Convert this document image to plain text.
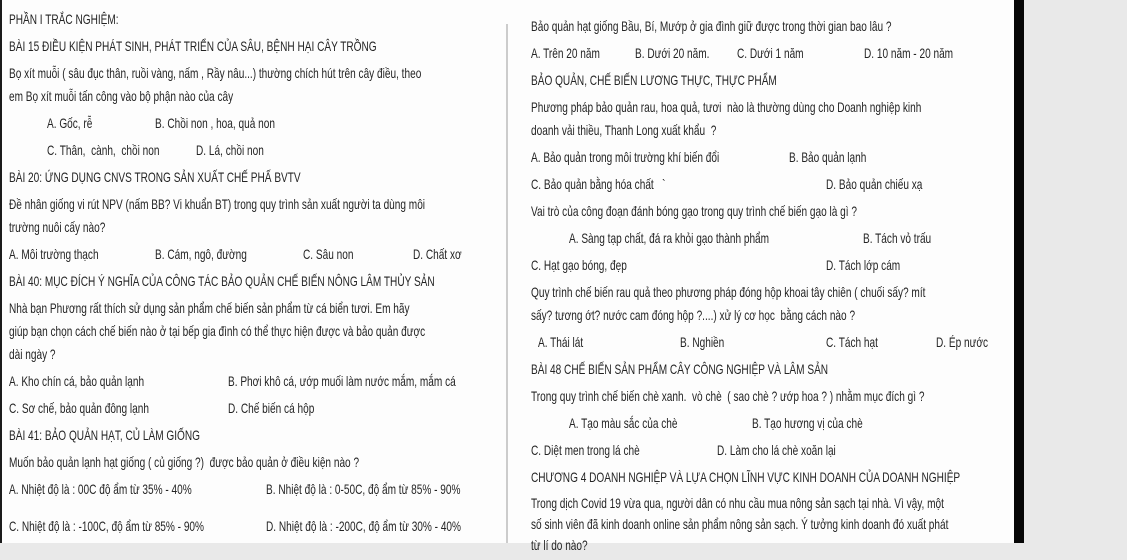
PHẦN I TRẮC NGHIỆM:
BÀI 15 ĐIỀU KIỆN PHÁT SINH, PHÁT TRIỂN CỦA SÂU, BỆNH HẠI CÂY TRỒNG
Bọ xít muỗi ( sâu đục thân, ruồi vàng, nấm , Rầy nâu...) thường chích hút trên cây điều, theo
em Bọ xít muỗi tấn công vào bộ phận nào của cây
A. Gốc, rễ	B. Chồi non , hoa, quả non
C. Thân,  cành,  chồi non	D. Lá, chồi non
BÀI 20: ỨNG DỤNG CNVS TRONG SẢN XUẤT CHẾ PHẤ BVTV
Đề nhân giống vi rút NPV (nấm BB? Vi khuẩn BT) trong quy trình sản xuất người ta dùng môi
trường nuôi cấy nào?
A. Môi trường thạch	B. Cám, ngô, đường	C. Sâu non	D. Chất xơ
BÀI 40: MỤC ĐÍCH Ý NGHĨA CỦA CÔNG TÁC BẢO QUẢN CHẾ BIẾN NÔNG LÂM THỦY SẢN
Nhà bạn Phương rất thích sử dụng sản phẩm chế biến sản phẩm từ cá biển tươi. Em hãy
giúp bạn chọn cách chế biến nào ở tại bếp gia đình có thể thực hiện được và bảo quản được
dài ngày ?
A. Kho chín cá, bảo quản lạnh	B. Phơi khô cá, ướp muối làm nước mắm, mắm cá
C. Sơ chế, bảo quản đông lạnh	D. Chế biến cá hộp
BÀI 41: BẢO QUẢN HẠT, CỦ LÀM GIỐNG
Muốn bảo quản lạnh hạt giống ( củ giống ?)  được bảo quản ở điều kiện nào ?
A. Nhiệt độ là : 00C độ ẩm từ 35% - 40%	B. Nhiệt độ là : 0-50C, độ ẩm từ 85% - 90%
C. Nhiệt độ là : -100C, độ ẩm từ 85% - 90%	D. Nhiệt độ là : -200C, độ ẩm từ 30% - 40%
Bảo quản hạt giống Bầu, Bí, Mướp ở gia đình giữ được trong thời gian bao lâu ?
A. Trên 20 năm	B. Dưới 20 năm.	C. Dưới 1 năm	D. 10 năm - 20 năm
BẢO QUẢN, CHẾ BIẾN LƯƠNG THỰC, THỰC PHẨM
Phương pháp bảo quản rau, hoa quả, tươi  nào là thường dùng cho Doanh nghiệp kinh
doanh vải thiều, Thanh Long xuất khẩu  ?
A. Bảo quản trong môi trường khí biến đổi	B. Bảo quản lạnh
C. Bảo quản bằng hóa chất   `	D. Bảo quản chiếu xạ
Vai trò của công đoạn đánh bóng gạo trong quy trình chế biến gạo là gì ?
A. Sàng tạp chất, đá ra khỏi gạo thành phẩm	B. Tách vỏ trấu
C. Hạt gạo bóng, đẹp	D. Tách lớp cám
Quy trình chế biến rau quả theo phương pháp đóng hộp khoai tây chiên ( chuối sấy? mít
sấy? tương ớt? nước cam đóng hộp ?....) xử lý cơ học  bằng cách nào ?
A. Thái lát	B. Nghiền	C. Tách hạt	D. Ép nước
BÀI 48 CHẾ BIẾN SẢN PHẨM CÂY CÔNG NGHIỆP VÀ LÂM SẢN
Trong quy trình chế biến chè xanh.  vò chè  ( sao chè ? ướp hoa ? ) nhằm mục đích gì ?
A. Tạo màu sắc của chè	B. Tạo hương vị của chè
C. Diệt men trong lá chè	D. Làm cho lá chè xoăn lại
CHƯƠNG 4 DOANH NGHIỆP VÀ LỰA CHỌN LĨNH VỰC KINH DOANH CỦA DOANH NGHIỆP
Trong dịch Covid 19 vừa qua, người dân có nhu cầu mua nông sản sạch tại nhà. Vì vậy, một
số sinh viên đã kinh doanh online sản phẩm nông sản sạch. Ý tưởng kinh doanh đó xuất phát
từ lí do nào?
